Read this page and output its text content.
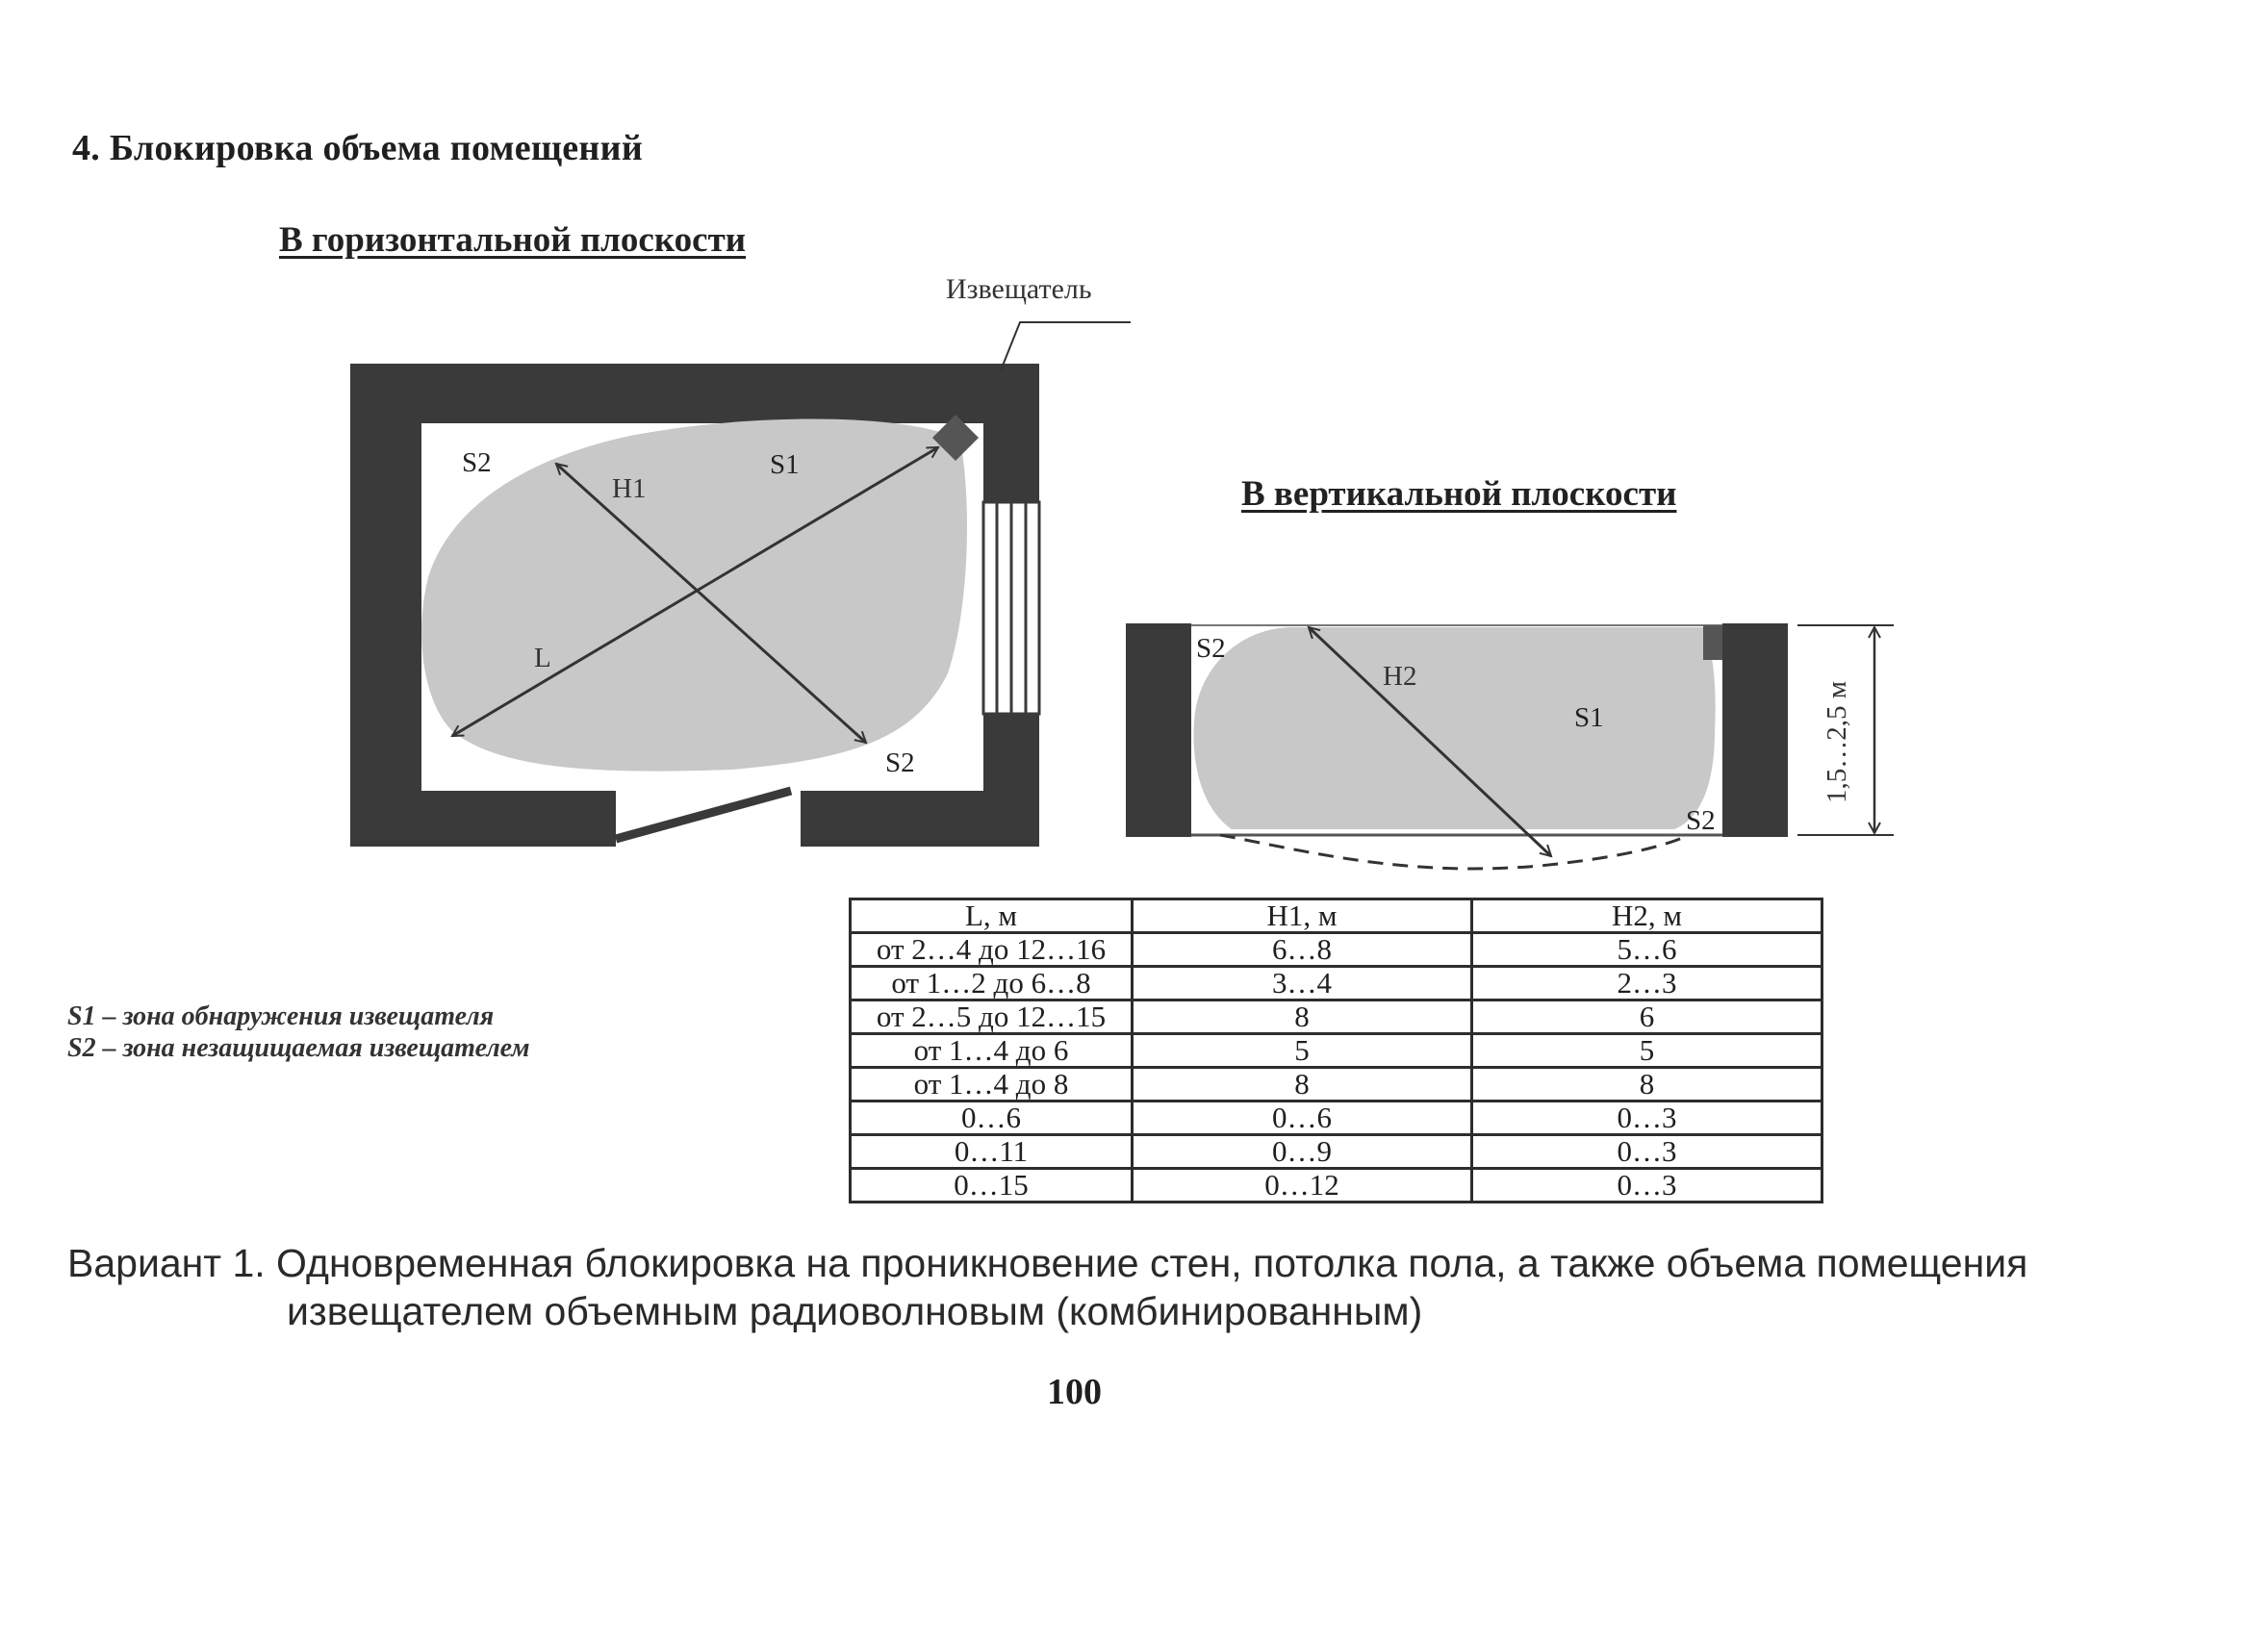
4. Блокировка объема помещений
В горизонтальной плоскости
В вертикальной плоскости
S2	S1
H1
L
S2
Извещатель
1,5…2,5 м
S2
H2
S1
S2
S1 – зона обнаружения извещателя
S2 – зона незащищаемая извещателем
L, м	H1, м	H2, м
от 2…4 до 12…16	6…8	5…6
от 1…2 до 6…8	3…4	2…3
от 2…5 до 12…15	8	6
от 1…4 до 6	5	5
от 1…4 до 8	8	8
0…6	0…6	0…3
0…11	0…9	0…3
0…15	0…12	0…3
Вариант 1. Одновременная блокировка на проникновение стен, потолка пола, а также объема помещения
извещателем объемным радиоволновым (комбинированным)
100
